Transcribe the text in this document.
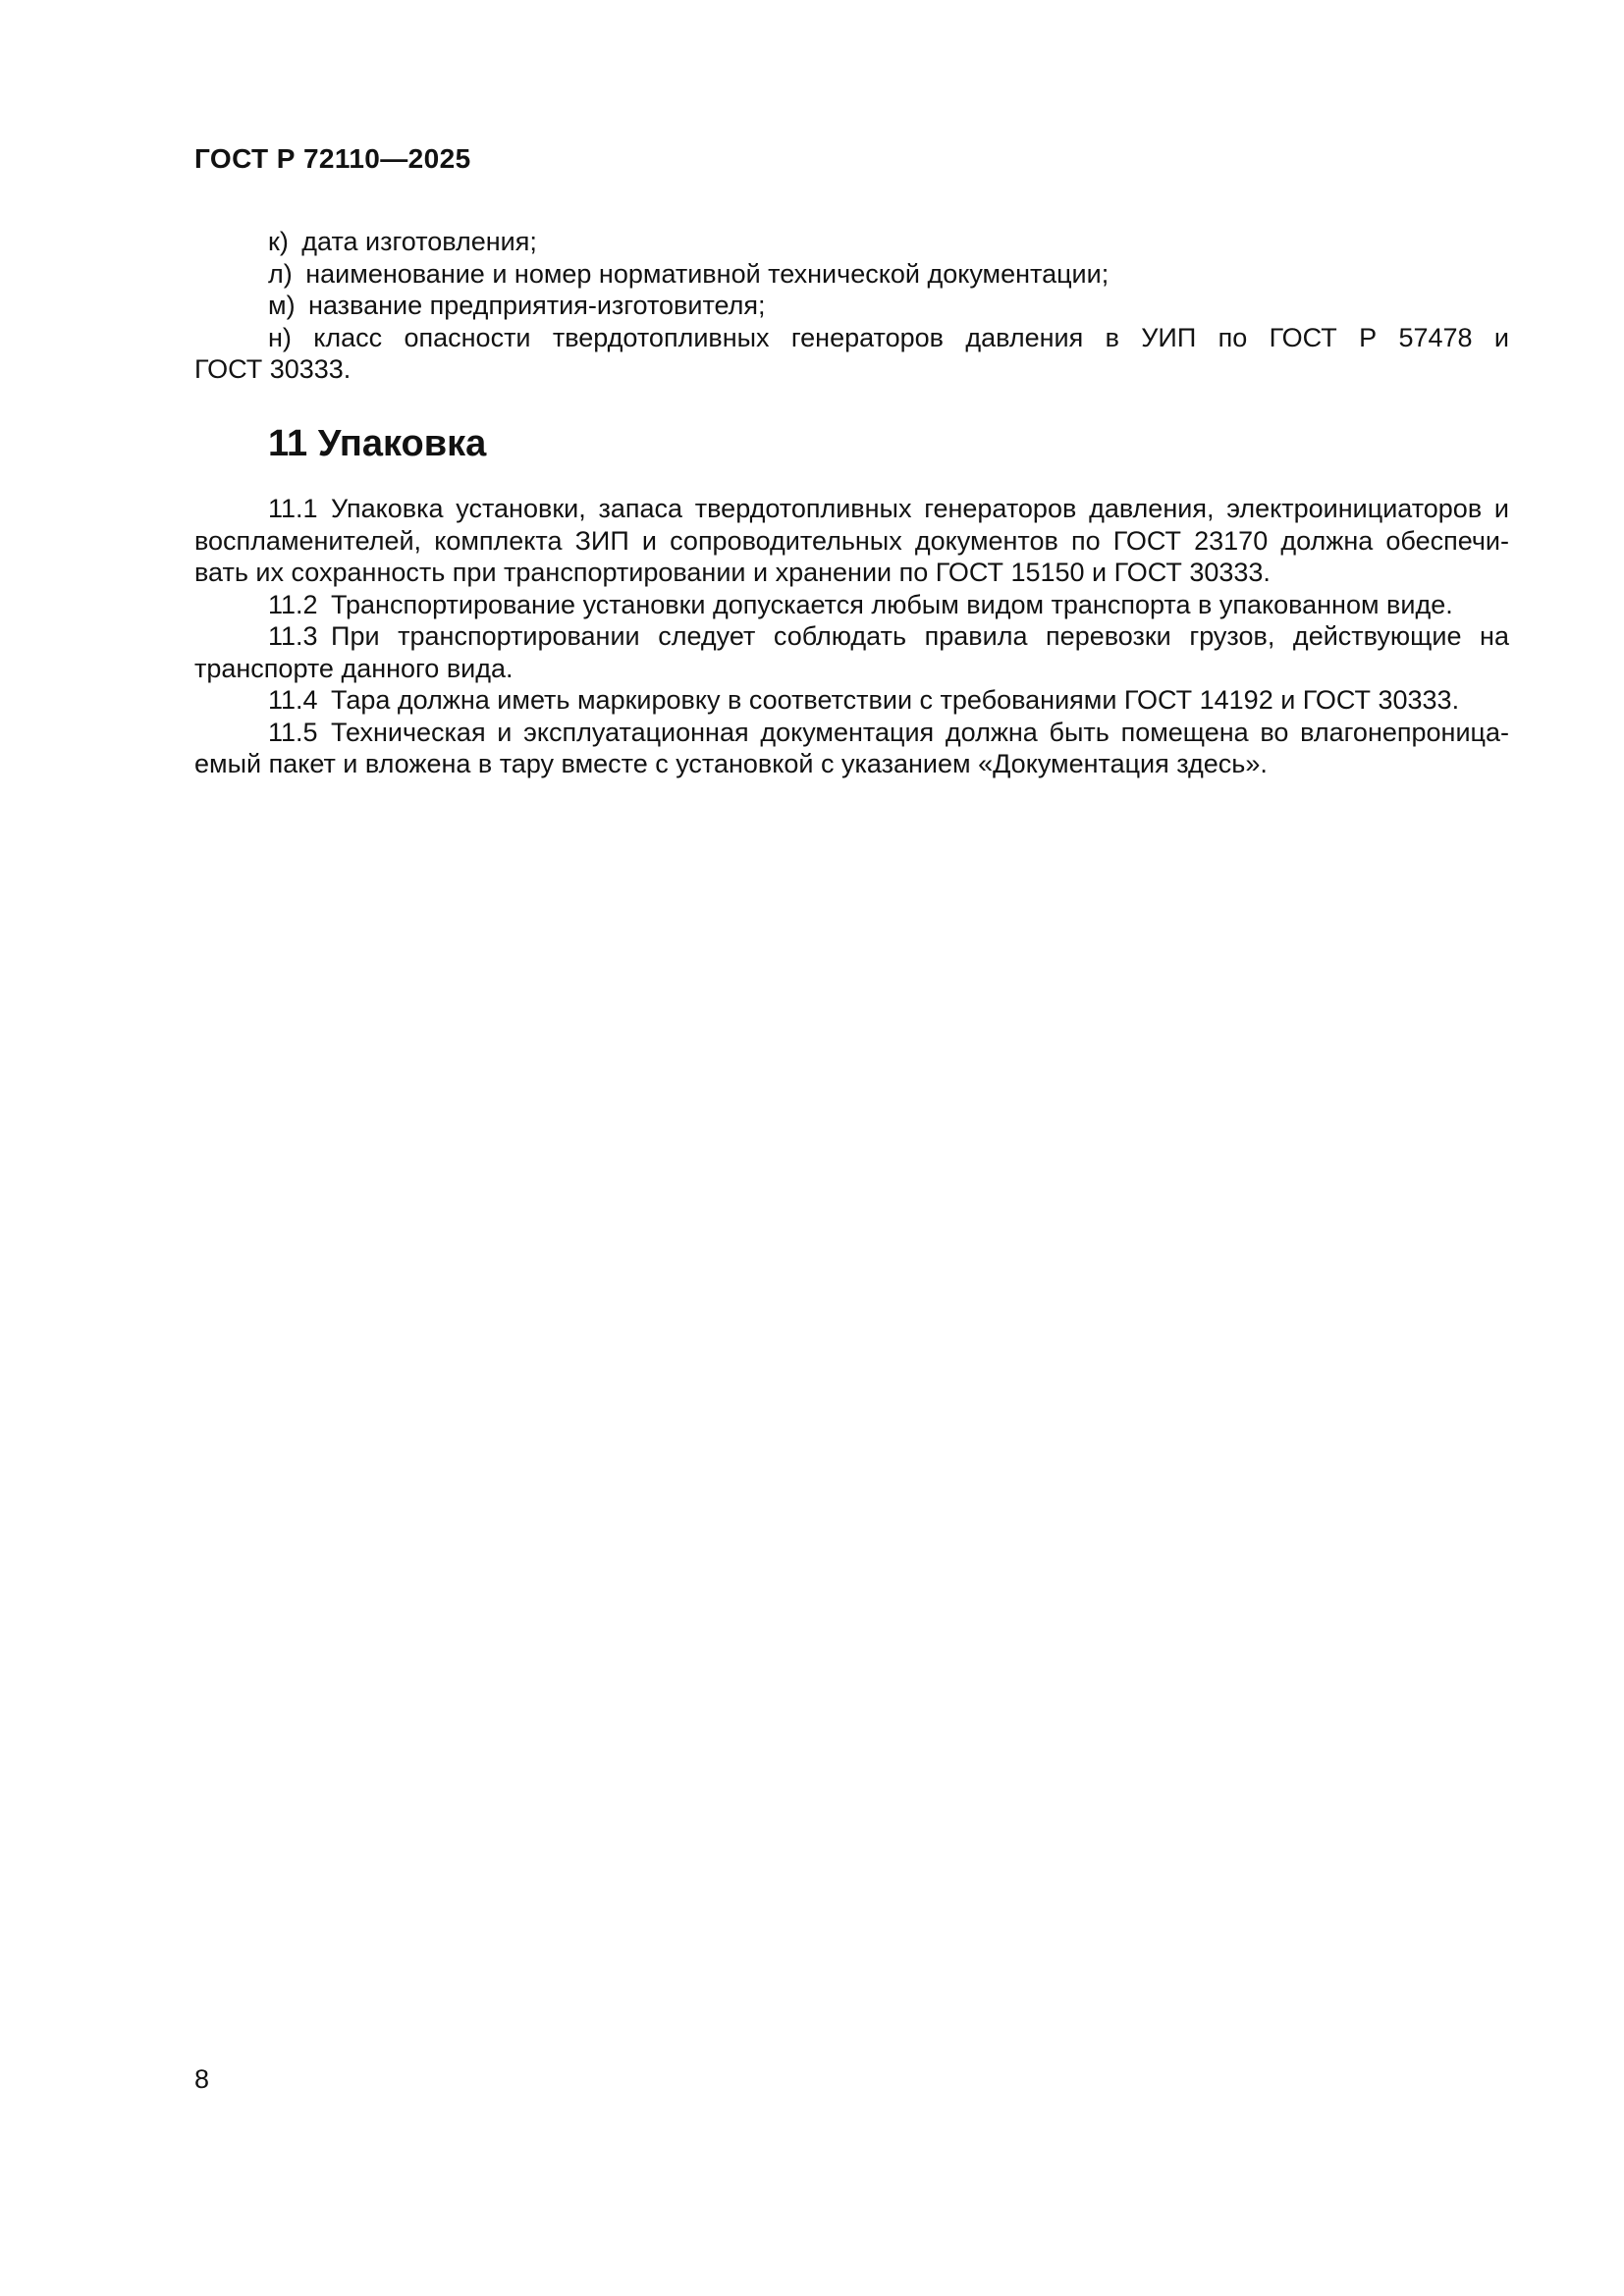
ГОСТ Р 72110—2025
к) дата изготовления;
л) наименование и номер нормативной технической документации;
м) название предприятия-изготовителя;
н) класс опасности твердотопливных генераторов давления в УИП по ГОСТ Р 57478 и
ГОСТ 30333.
11 Упаковка
11.1 Упаковка установки, запаса твердотопливных генераторов давления, электроинициаторов и
воспламенителей, комплекта ЗИП и сопроводительных документов по ГОСТ 23170 должна обеспечи-
вать их сохранность при транспортировании и хранении по ГОСТ 15150 и ГОСТ 30333.
11.2 Транспортирование установки допускается любым видом транспорта в упакованном виде.
11.3 При транспортировании следует соблюдать правила перевозки грузов, действующие на
транспорте данного вида.
11.4 Тара должна иметь маркировку в соответствии с требованиями ГОСТ 14192 и ГОСТ 30333.
11.5 Техническая и эксплуатационная документация должна быть помещена во влагонепроница-
емый пакет и вложена в тару вместе с установкой с указанием «Документация здесь».
8
